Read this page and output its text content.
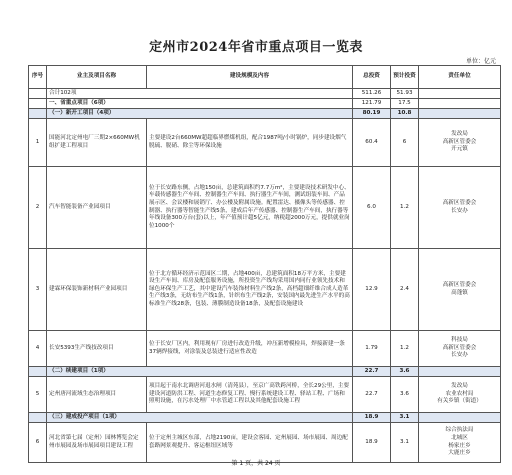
定州市2024年省市重点项目一览表
单位：亿元
序号	业主及项目名称	建设规模及内容	总投资	预计投资	责任单位
	合计102项		511.26	51.93	
	一、省重点项目（6项）		121.79	17.5	
	（一）新开工项目（4项）		80.19	10.8	
1	国能河北定州电厂三期2×660MW机组扩建工程项目	主要建设2台660MW超超临界燃煤机组，配合1987吨/小时锅炉，同步建设烟气脱硫、脱硝、除尘等环保设施	60.4	6	发改局
高新区管委会
开元镇
2	汽车智能装备产业园项目	位于长安路东侧，占地150亩，总建筑面积约7.7万m²，主要建设技术研发中心、车载传感器生产车间、控制器生产车间、执行器生产车间，测试组装车间、产品展示区、会议楼和展销厅、办公楼及附属设施。配置雷达、摄像头等传感器、控制器、执行器等智能生产线5条，建成后年产传感器、控制器生产车间，执行器等年线设备300万台(套)以上，年产值预计超5亿元，纳税超2000万元，提供就业岗位1000个	6.0	1.2	高新区管委会
长安办
3	建霖环保装饰新材料产业园项目	位于北方循环经济示范园区二期，占地400亩，总建筑面积18万平方米，主要建设生产车间、库房及配套服务设施，所投资生产线均采用国内同行业领先技术和绿色环保生产工艺，其中建设汽车装饰材料生产线2条，高档超细纤维合成人造革生产线3条，无纺布生产线1条，针织布生产线2条，安装国内最先进生产水平的高标准生产线28条，包装、薄膜制造设备18条，及配套设施建设	12.9	2.4	高新区管委会
高蓬镇
4	长安5393生产线技改项目	位于长安厂区内，利用现有厂房进行改造升级，冲压新增模检具，焊接新建一条37辆焊接线，对涂装及总装进行适应性改造	1.79	1.2	科技局
高新区管委会
长安办
	（二）续建项目（1项）		22.7	3.6	
5	定州唐河流域生态治理项目	项目起于南水北调唐河退水闸（清苑县），至京广高铁跨河桥，全长29公里，主要建设河道防洪工程、河道生态修复工程、慢行系统建设工程、驿站工程、广场和照明设施，在污水处理厂中水管道工程以及其他配套设施工程	22.7	3.6	发改局
农业农村局
有关乡镇（街道）
	（三）建成投产项目（1项）		18.9	3.1	
6	河北省第七届（定州）园林博览会定州市展园及场市展园项目建设工程	位于定州主城区东部，占地2190亩，建设会客园、定州展园、场市展园、周边配套路网景观提升、客运枢纽区域等	18.9	3.1	综合执法局
北城区
杨家庄乡
大鹿庄乡
第 1 页，共 24 页
